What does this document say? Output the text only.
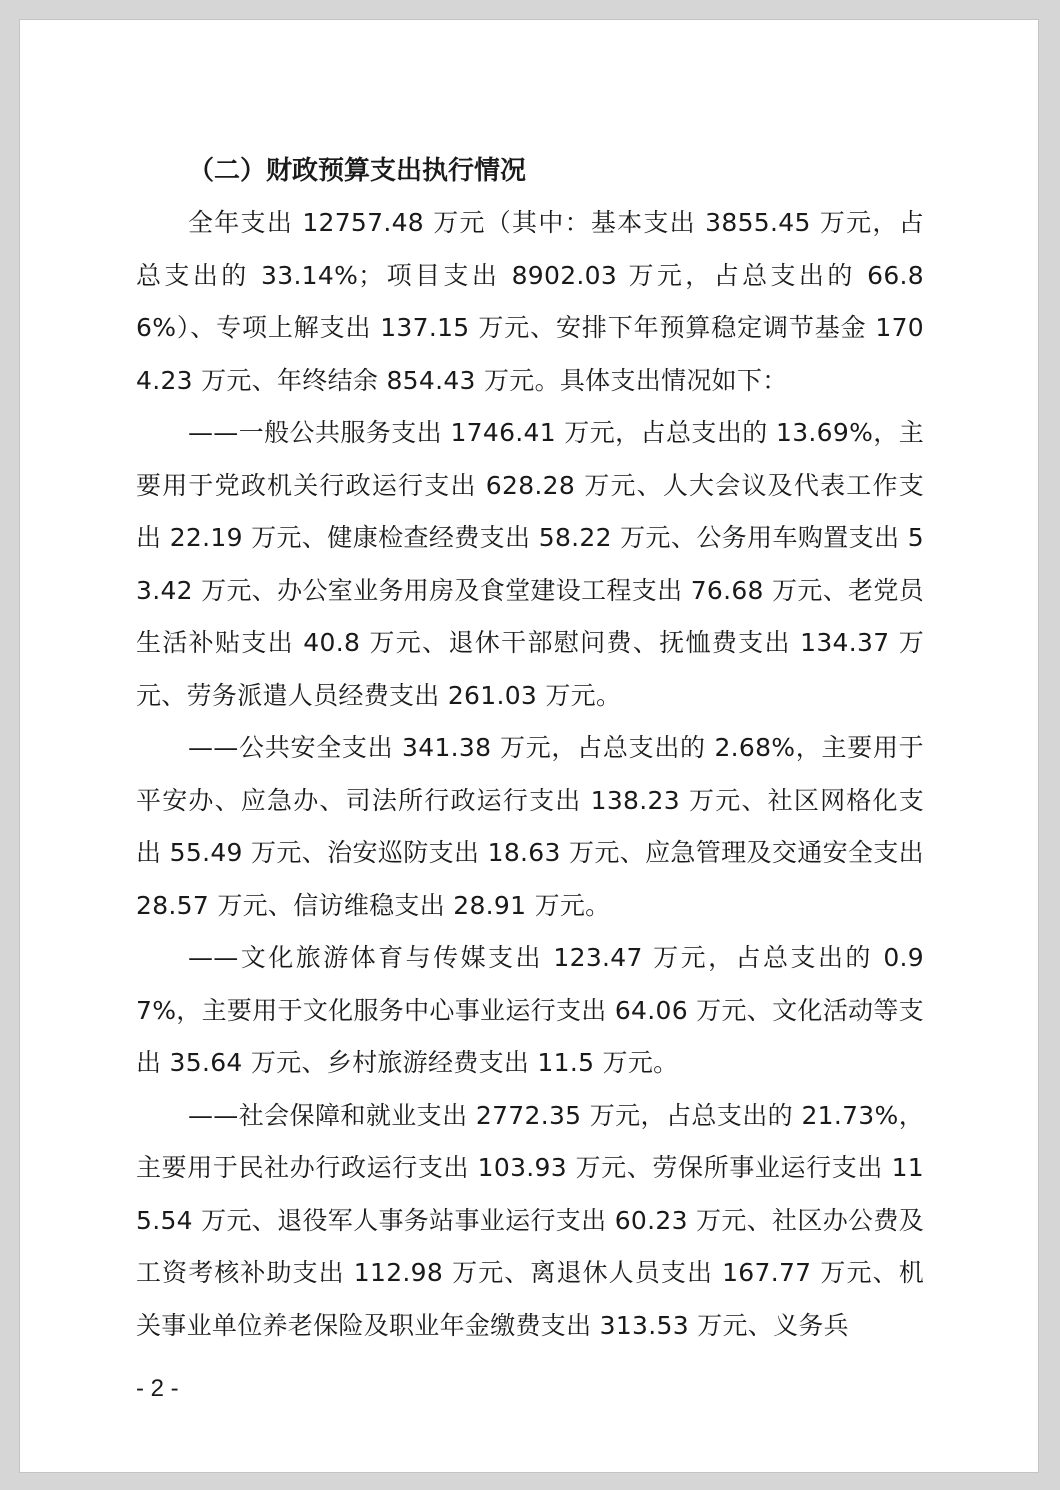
（二）财政预算支出执行情况

全年支出 12757.48 万元（其中：基本支出 3855.45 万元，占总支出的 33.14%；项目支出 8902.03 万元，占总支出的 66.86%）、专项上解支出 137.15 万元、安排下年预算稳定调节基金 1704.23 万元、年终结余 854.43 万元。具体支出情况如下：

——一般公共服务支出 1746.41 万元，占总支出的 13.69%，主要用于党政机关行政运行支出 628.28 万元、人大会议及代表工作支出 22.19 万元、健康检查经费支出 58.22 万元、公务用车购置支出 53.42 万元、办公室业务用房及食堂建设工程支出 76.68 万元、老党员生活补贴支出 40.8 万元、退休干部慰问费、抚恤费支出 134.37 万元、劳务派遣人员经费支出 261.03 万元。

——公共安全支出 341.38 万元，占总支出的 2.68%，主要用于平安办、应急办、司法所行政运行支出 138.23 万元、社区网格化支出 55.49 万元、治安巡防支出 18.63 万元、应急管理及交通安全支出 28.57 万元、信访维稳支出 28.91 万元。

——文化旅游体育与传媒支出 123.47 万元，占总支出的 0.97%，主要用于文化服务中心事业运行支出 64.06 万元、文化活动等支出 35.64 万元、乡村旅游经费支出 11.5 万元。

——社会保障和就业支出 2772.35 万元，占总支出的 21.73%，主要用于民社办行政运行支出 103.93 万元、劳保所事业运行支出 115.54 万元、退役军人事务站事业运行支出 60.23 万元、社区办公费及工资考核补助支出 112.98 万元、离退休人员支出 167.77 万元、机关事业单位养老保险及职业年金缴费支出 313.53 万元、义务兵

- 2 -
